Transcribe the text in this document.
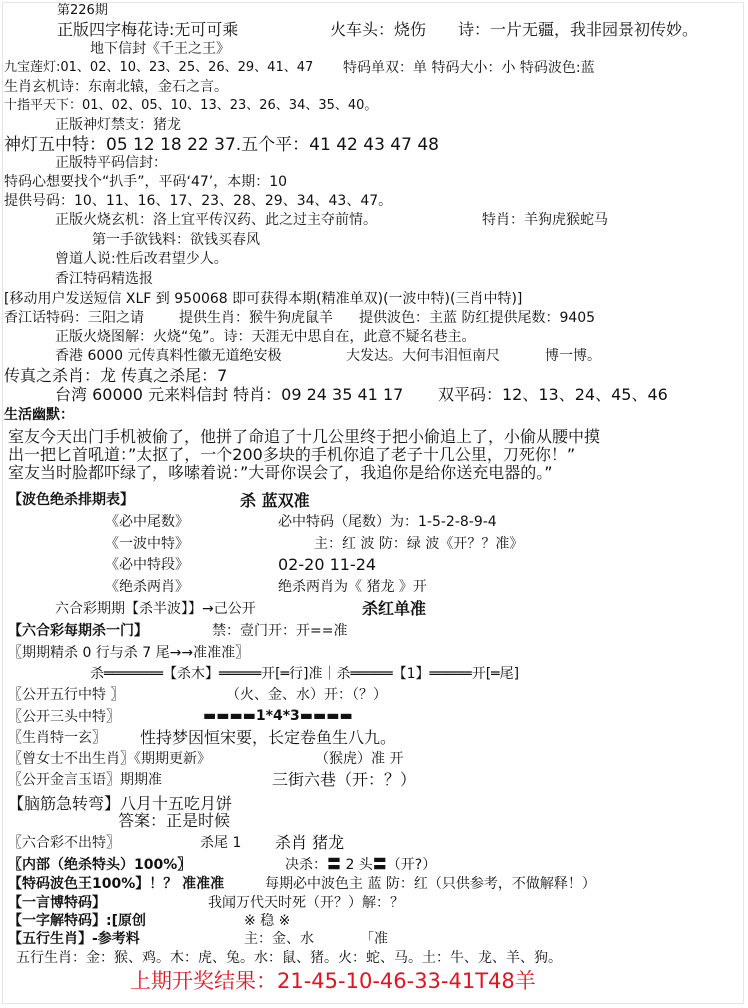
第226期
正版四字梅花诗:无可可乘	火车头：烧伤 诗：一片无疆，我非园景初传妙。
地下信封《千王之王》
九宝莲灯:01、02、10、23、25、26、29、41、47 特码单双：单 特码大小：小 特码波色:蓝
生肖玄机诗：东南北辕，金石之言。
十指平天下：01、02、05、10、13、23、26、34、35、40。
正版神灯禁支：猪龙
神灯五中特：05 12 18 22 37.五个平：41 42 43 47 48
正版特平码信封：
特码心想要找个“扒手”，平码‘47’，本期：10
提供号码：10、11、16、17、23、28、29、34、43、47。
正版火烧玄机：洛上宜平传汉药、此之过主夺前情。	特肖：羊狗虎猴蛇马
第一手欲钱料：欲钱买春风
曾道人说:性后改君望少人。
香江特码精选报
[移动用户发送短信 XLF 到 950068 即可获得本期(精准单双)(一波中特)(三肖中特)]
香江话特码：三阳之请	提供生肖：猴牛狗虎鼠羊 提供波色：主蓝 防红提供尾数：9405
正版火烧图解：火烧“兔”。诗：天涯无中思自在，此意不疑名巷主。
香港 6000 元传真料性徽无道绝安极	大发达。大何韦泪恒南尺	博一博。
传真之杀肖：龙 传真之杀尾：7
台湾 60000 元来料信封 特肖：09 24 35 41 17 双平码：12、13、24、45、46
生活幽默：
室友今天出门手机被偷了，他拼了命追了十几公里终于把小偷追上了，小偷从腰中摸
出一把匕首吼道：”太抠了，一个200多块的手机你追了老子十几公里，刀死你！”
室友当时脸都吓绿了，哆嗦着说：”大哥你误会了，我追你是给你送充电器的。”
【波色绝杀排期表】	杀 蓝双准
《必中尾数》	必中特码（尾数）为：1-5-2-8-9-4
《一波中特》	主：红 波 防：绿 波《开？？准》
《必中特段》	02-20 11-24
《绝杀两肖》	绝杀两肖为《 猪龙 》开
六合彩期期【杀半波】】→己公开	杀红单准
【六合彩每期杀一门】	禁：壹门开：开==准
〖期期精杀 0 行与杀 7 尾→→准准准〗
杀═══════【杀木】═════开[═行]准｜杀═════【1】═════开[═尾]
〖公开五行中特 〗	（火、金、水）开：（？）
〖公开三头中特〗	▬▬▬▬1*4*3▬▬▬▬
〖生肖特一玄〗 性持梦因恒宋要，长定卷鱼生八九。
〖曾女士不出生肖〗《期期更新》	（猴虎）准 开
〖公开金言玉语〗期期准	三街六巷（开：？）
【脑筋急转弯】八月十五吃月饼
答案：正是时候
〖六合彩不出特〗	杀尾 1 杀肖 猪龙
〖内部（绝杀特头）100%〗	决杀：〓 2 头〓（开?）
【特码波色王100%】！？ 准准准	每期必中波色主 蓝 防：红（只供参考，不做解释！）
【一言博特码】	我闻万代天时死（开？）解：？
【一字解特码】:[原创	※ 稳 ※
【五行生肖】-参考料	主：金、水	「准
五行生肖：金：猴、鸡。木：虎、兔。水：鼠、猪。火：蛇、马。土：牛、龙、羊、狗。
上期开奖结果：21-45-10-46-33-41T48羊
